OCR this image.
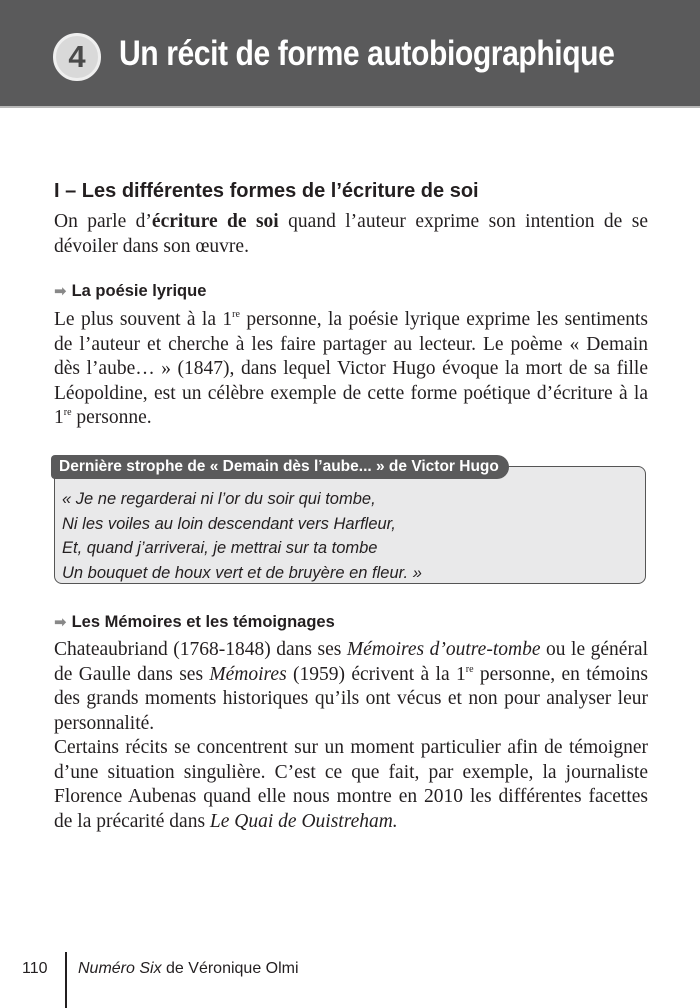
4 Un récit de forme autobiographique
I – Les différentes formes de l’écriture de soi
On parle d’écriture de soi quand l’auteur exprime son intention de se dévoiler dans son œuvre.
➡ La poésie lyrique
Le plus souvent à la 1re personne, la poésie lyrique exprime les sentiments de l’auteur et cherche à les faire partager au lecteur. Le poème « Demain dès l’aube… » (1847), dans lequel Victor Hugo évoque la mort de sa fille Léopoldine, est un célèbre exemple de cette forme poétique d’écriture à la 1re personne.
Dernière strophe de « Demain dès l’aube... » de Victor Hugo
« Je ne regarderai ni l’or du soir qui tombe,
Ni les voiles au loin descendant vers Harfleur,
Et, quand j’arriverai, je mettrai sur ta tombe
Un bouquet de houx vert et de bruyère en fleur. »
➡ Les Mémoires et les témoignages
Chateaubriand (1768-1848) dans ses Mémoires d’outre-tombe ou le général de Gaulle dans ses Mémoires (1959) écrivent à la 1re personne, en témoins des grands moments historiques qu’ils ont vécus et non pour analyser leur personnalité.
Certains récits se concentrent sur un moment particulier afin de témoigner d’une situation singulière. C’est ce que fait, par exemple, la journaliste Florence Aubenas quand elle nous montre en 2010 les différentes facettes de la précarité dans Le Quai de Ouistreham.
110 Numéro Six de Véronique Olmi
